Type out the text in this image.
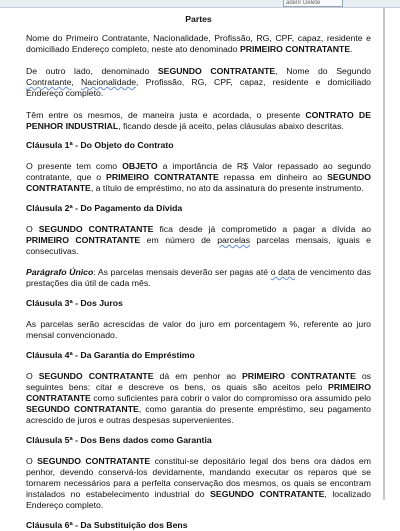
aderir Delete

Partes

Nome do Primeiro Contratante, Nacionalidade, Profissão, RG, CPF, capaz, residente e domiciliado Endereço completo, neste ato denominado PRIMEIRO CONTRATANTE.

De outro lado, denominado SEGUNDO CONTRATANTE, Nome do Segundo Contratante, Nacionalidade, Profissão, RG, CPF, capaz, residente e domiciliado Endereço completo.

Têm entre os mesmos, de maneira justa e acordada, o presente CONTRATO DE PENHOR INDUSTRIAL, ficando desde já aceito, pelas cláusulas abaixo descritas.

Cláusula 1ª - Do Objeto do Contrato

O presente tem como OBJETO a importância de R$ Valor repassado ao segundo contratante, que o PRIMEIRO CONTRATANTE repassa em dinheiro ao SEGUNDO CONTRATANTE, a título de empréstimo, no ato da assinatura do presente instrumento.

Cláusula 2ª - Do Pagamento da Dívida

O SEGUNDO CONTRATANTE fica desde já comprometido a pagar a dívida ao PRIMEIRO CONTRATANTE em número de parcelas parcelas mensais, iguais e consecutivas.

Parágrafo Único: As parcelas mensais deverão ser pagas até o data de vencimento das prestações dia útil de cada mês.

Cláusula 3ª - Dos Juros

As parcelas serão acrescidas de valor do juro em porcentagem %, referente ao juro mensal convencionado.

Cláusula 4ª - Da Garantia do Empréstimo

O SEGUNDO CONTRATANTE dá em penhor ao PRIMEIRO CONTRATANTE os seguintes bens: citar e descreve os bens, os quais são aceitos pelo PRIMEIRO CONTRATANTE como suficientes para cobrir o valor do compromisso ora assumido pelo SEGUNDO CONTRATANTE, como garantia do presente empréstimo, seu pagamento acrescido de juros e outras despesas supervenientes.

Cláusula 5ª - Dos Bens dados como Garantia

O SEGUNDO CONTRATANTE constitui-se depositário legal dos bens ora dados em penhor, devendo conservá-los devidamente, mandando executar os reparos que se tornarem necessários para a perfeita conservação dos mesmos, os quais se encontram instalados no estabelecimento industrial do SEGUNDO CONTRATANTE, localizado Endereço completo.

Cláusula 6ª - Da Substituição dos Bens
